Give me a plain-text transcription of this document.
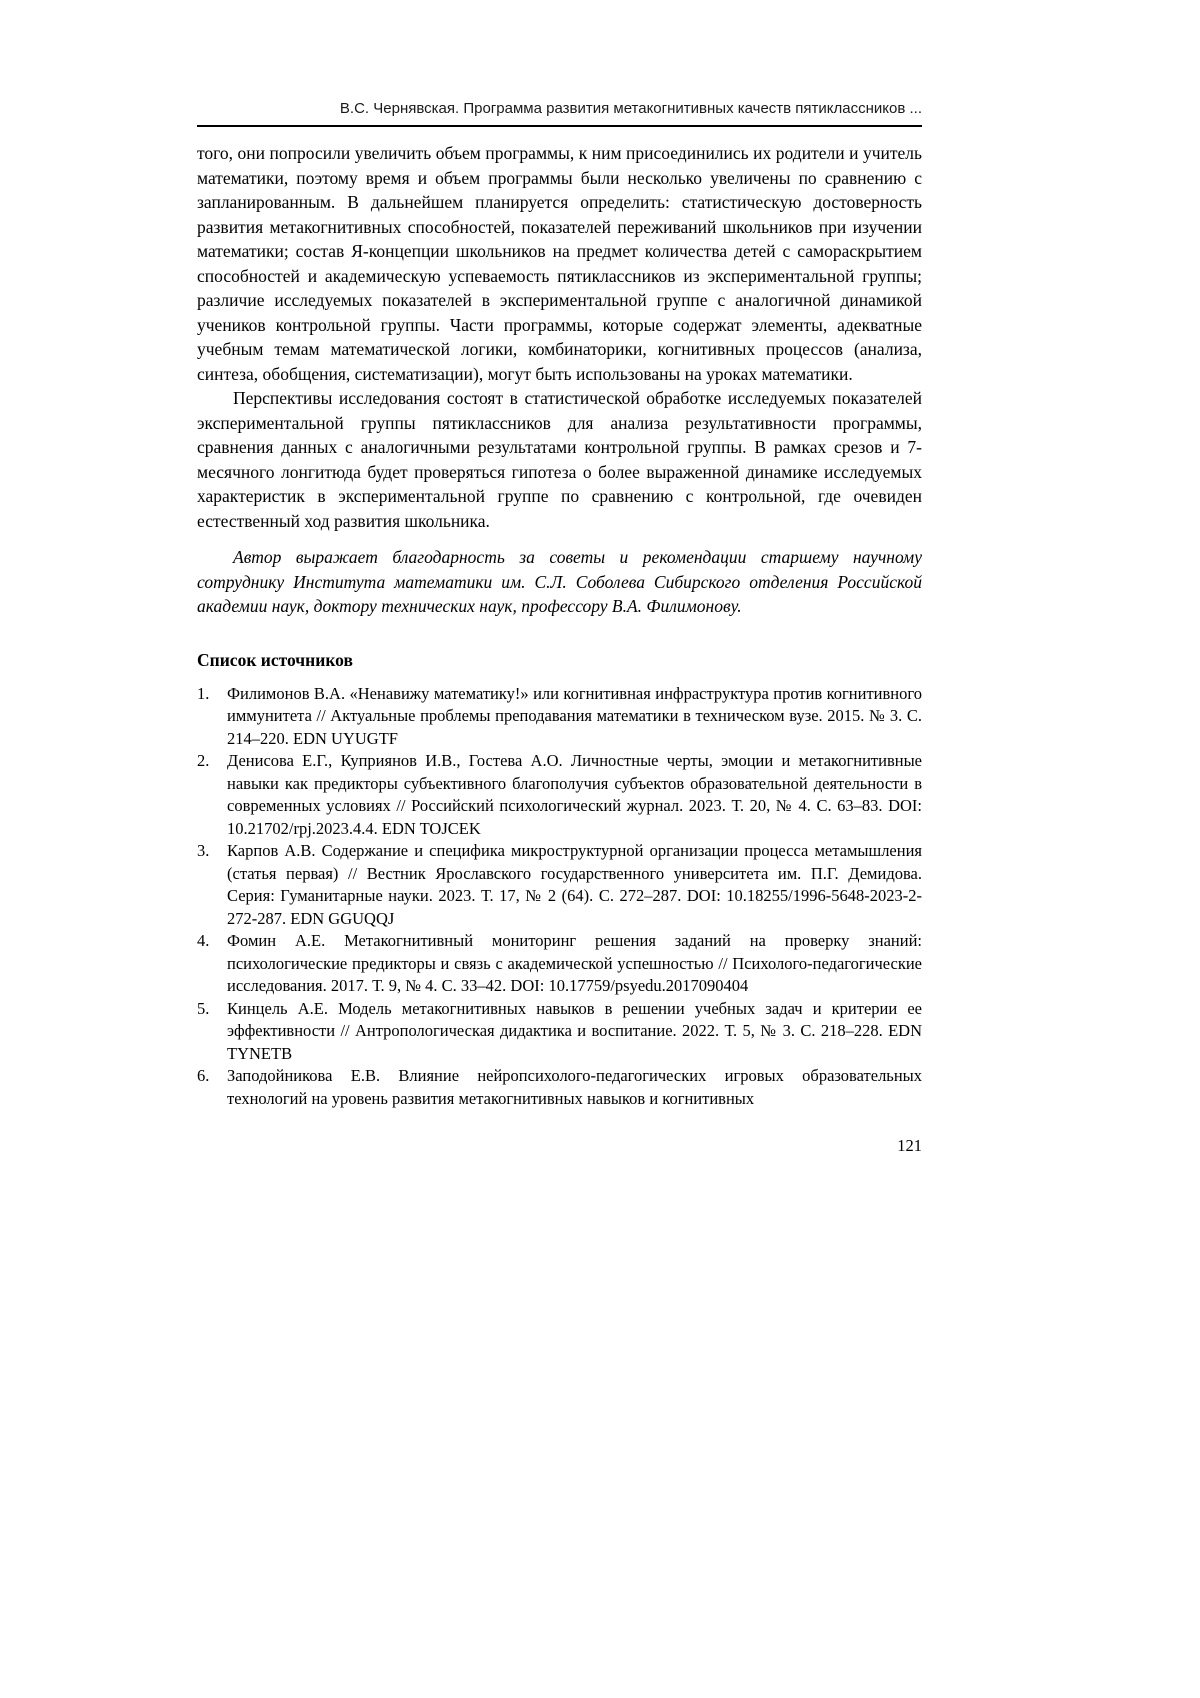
В.С. Чернявская. Программа развития метакогнитивных качеств пятиклассников ...

того, они попросили увеличить объем программы, к ним присоединились их родители и учитель математики, поэтому время и объем программы были несколько увеличены по сравнению с запланированным. В дальнейшем планируется определить: статистическую достоверность развития метакогнитивных способностей, показателей переживаний школьников при изучении математики; состав Я-концепции школьников на предмет количества детей с самораскрытием способностей и академическую успеваемость пятиклассников из экспериментальной группы; различие исследуемых показателей в экспериментальной группе с аналогичной динамикой учеников контрольной группы. Части программы, которые содержат элементы, адекватные учебным темам математической логики, комбинаторики, когнитивных процессов (анализа, синтеза, обобщения, систематизации), могут быть использованы на уроках математики.

Перспективы исследования состоят в статистической обработке исследуемых показателей экспериментальной группы пятиклассников для анализа результативности программы, сравнения данных с аналогичными результатами контрольной группы. В рамках срезов и 7-месячного лонгитюда будет проверяться гипотеза о более выраженной динамике исследуемых характеристик в экспериментальной группе по сравнению с контрольной, где очевиден естественный ход развития школьника.

Автор выражает благодарность за советы и рекомендации старшему научному сотруднику Института математики им. С.Л. Соболева Сибирского отделения Российской академии наук, доктору технических наук, профессору В.А. Филимонову.

Список источников

1. Филимонов В.А. «Ненавижу математику!» или когнитивная инфраструктура против когнитивного иммунитета // Актуальные проблемы преподавания математики в техническом вузе. 2015. № 3. С. 214–220. EDN UYUGTF

2. Денисова Е.Г., Куприянов И.В., Гостева А.О. Личностные черты, эмоции и метакогнитивные навыки как предикторы субъективного благополучия субъектов образовательной деятельности в современных условиях // Российский психологический журнал. 2023. Т. 20, № 4. С. 63–83. DOI: 10.21702/rpj.2023.4.4. EDN TOJCEK

3. Карпов А.В. Содержание и специфика микроструктурной организации процесса метамышления (статья первая) // Вестник Ярославского государственного университета им. П.Г. Демидова. Серия: Гуманитарные науки. 2023. Т. 17, № 2 (64). С. 272–287. DOI: 10.18255/1996-5648-2023-2-272-287. EDN GGUQQJ

4. Фомин А.Е. Метакогнитивный мониторинг решения заданий на проверку знаний: психологические предикторы и связь с академической успешностью // Психолого-педагогические исследования. 2017. Т. 9, № 4. С. 33–42. DOI: 10.17759/psyedu.2017090404

5. Кинцель А.Е. Модель метакогнитивных навыков в решении учебных задач и критерии ее эффективности // Антропологическая дидактика и воспитание. 2022. Т. 5, № 3. С. 218–228. EDN TYNETB

6. Заподойникова Е.В. Влияние нейропсихолого-педагогических игровых образовательных технологий на уровень развития метакогнитивных навыков и когнитивных

121
